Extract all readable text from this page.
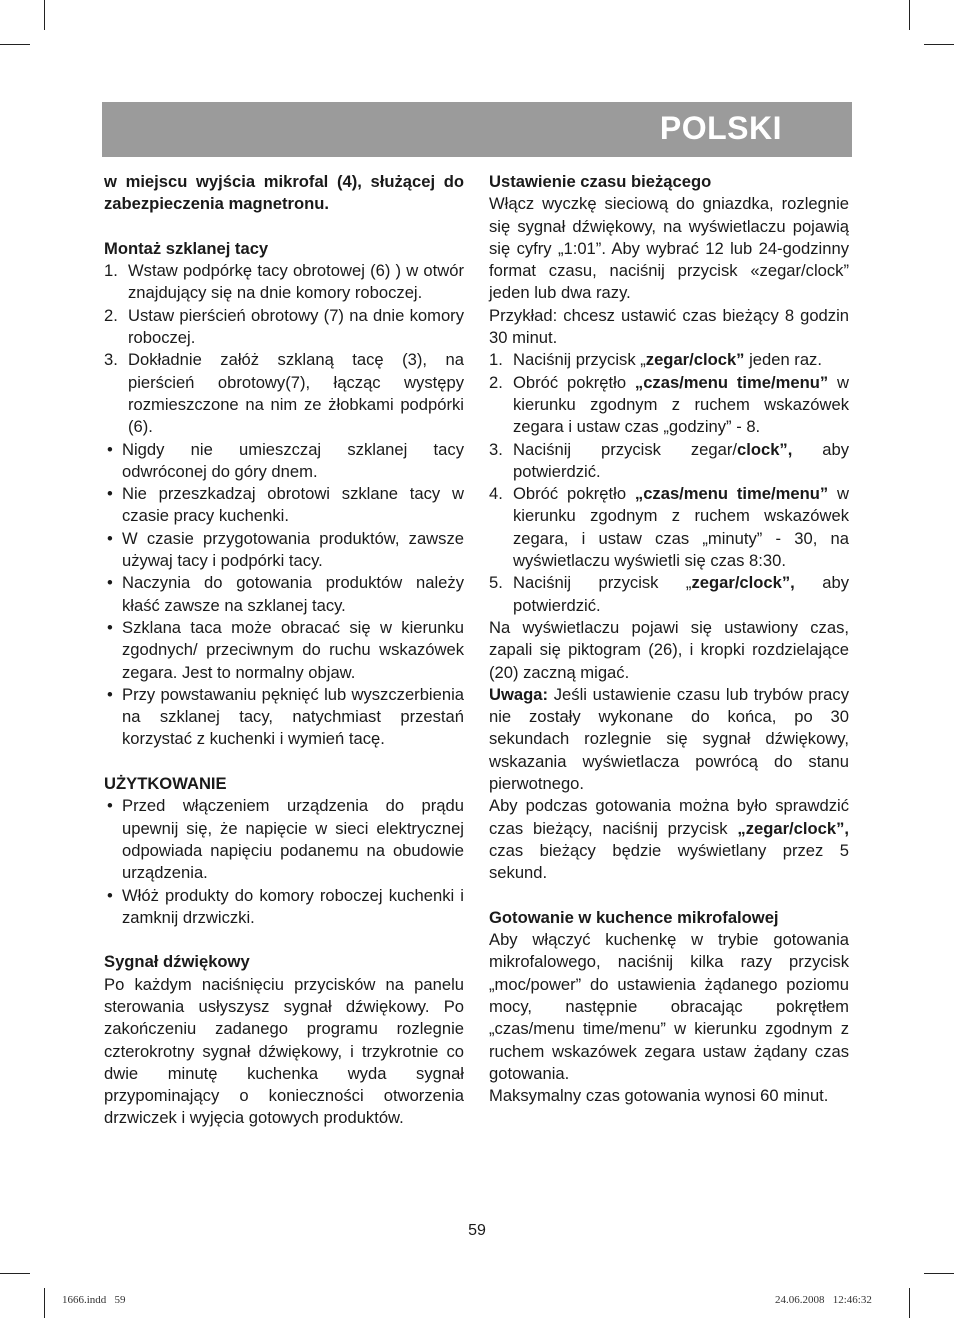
POLSKI

w miejscu wyjścia mikrofal (4), służącej do zabezpieczenia magnetronu.

Montaż szklanej tacy

1. Wstaw podpórkę tacy obrotowej (6) ) w otwór znajdujący się na dnie komory roboczej.
2. Ustaw pierścień obrotowy (7) na dnie komory roboczej.
3. Dokładnie załóż szklaną tacę (3), na pierścień obrotowy(7), łącząc występy rozmieszczone na nim ze żłobkami podpórki (6).
• Nigdy nie umieszczaj szklanej tacy odwróconej do góry dnem.
• Nie przeszkadzaj obrotowi szklane tacy w czasie pracy kuchenki.
• W czasie przygotowania produktów, zawsze używaj tacy i podpórki tacy.
• Naczynia do gotowania produktów należy kłaść zawsze na szklanej tacy.
• Szklana taca może obracać się w kierunku zgodnych/ przeciwnym do ruchu wskazówek zegara. Jest to normalny objaw.
• Przy powstawaniu pęknięć lub wyszczerbienia na szklanej tacy, natychmiast przestań korzystać z kuchenki i wymień tacę.

UŻYTKOWANIE

• Przed włączeniem urządzenia do prądu upewnij się, że napięcie w sieci elektrycznej odpowiada napięciu podanemu na obudowie urządzenia.
• Włóż produkty do komory roboczej kuchenki i zamknij drzwiczki.

Sygnał dźwiękowy

Po każdym naciśnięciu przycisków na panelu sterowania usłyszysz sygnał dźwiękowy. Po zakończeniu zadanego programu rozlegnie czterokrotny sygnał dźwiękowy, i trzykrotnie co dwie minutę kuchenka wyda sygnał przypominający o konieczności otworzenia drzwiczek i wyjęcia gotowych produktów.

Ustawienie czasu bieżącego

Włącz wyczkę sieciową do gniazdka, rozlegnie się sygnał dźwiękowy, na wyświetlaczu pojawią się cyfry „1:01”. Aby wybrać 12 lub 24-godzinny format czasu, naciśnij przycisk «zegar/clock” jeden lub dwa razy.

Przykład: chcesz ustawić czas bieżący 8 godzin 30 minut.

1. Naciśnij przycisk „zegar/clock” jeden raz.
2. Obróć pokrętło „czas/menu time/menu” w kierunku zgodnym z ruchem wskazówek zegara i ustaw czas „godziny” - 8.
3. Naciśnij przycisk zegar/clock”, aby potwierdzić.
4. Obróć pokrętło „czas/menu time/menu” w kierunku zgodnym z ruchem wskazówek zegara, i ustaw czas „minuty” - 30, na wyświetlaczu wyświetli się czas 8:30.
5. Naciśnij przycisk „zegar/clock”, aby potwierdzić.

Na wyświetlaczu pojawi się ustawiony czas, zapali się piktogram (26), i kropki rozdzielające (20) zaczną migać.

Uwaga: Jeśli ustawienie czasu lub trybów pracy nie zostały wykonane do końca, po 30 sekundach rozlegnie się sygnał dźwiękowy, wskazania wyświetlacza powrócą do stanu pierwotnego.

Aby podczas gotowania można było sprawdzić czas bieżący, naciśnij przycisk „zegar/clock”, czas bieżący będzie wyświetlany przez 5 sekund.

Gotowanie w kuchence mikrofalowej

Aby włączyć kuchenkę w trybie gotowania mikrofalowego, naciśnij kilka razy przycisk „moc/power” do ustawienia żądanego poziomu mocy, następnie obracając pokrętłem „czas/menu time/menu” w kierunku zgodnym z ruchem wskazówek zegara ustaw żądany czas gotowania.

Maksymalny czas gotowania wynosi 60 minut.

59
1666.indd   59	24.06.2008   12:46:32
